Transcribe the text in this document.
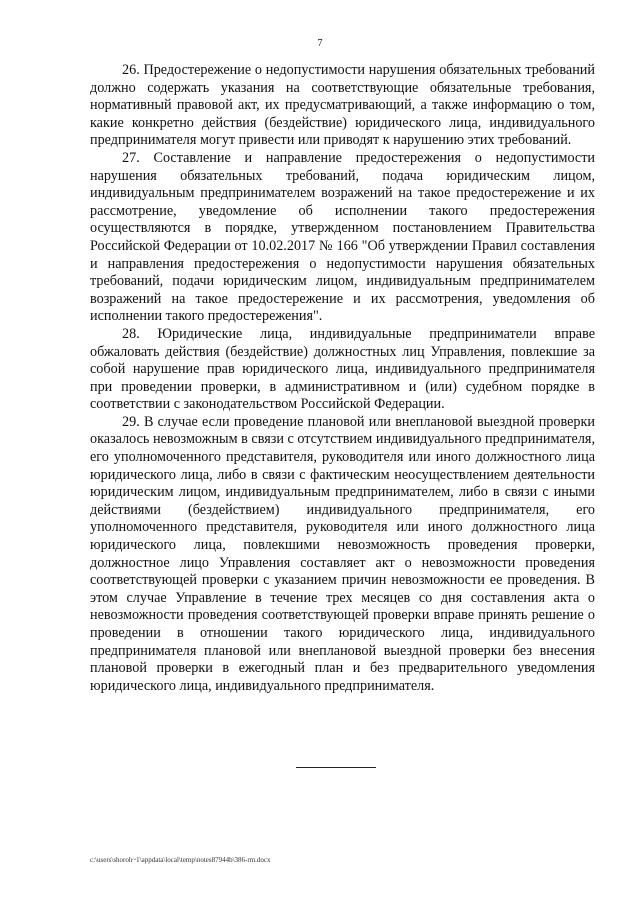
7

26. Предостережение о недопустимости нарушения обязательных требований должно содержать указания на соответствующие обязательные требования, нормативный правовой акт, их предусматривающий, а также информацию о том, какие конкретно действия (бездействие) юридического лица, индивидуального предпринимателя могут привести или приводят к нарушению этих требований.

27. Составление и направление предостережения о недопустимости нарушения обязательных требований, подача юридическим лицом, индивидуальным предпринимателем возражений на такое предостережение и их рассмотрение, уведомление об исполнении такого предостережения осуществляются в порядке, утвержденном постановлением Правительства Российской Федерации от 10.02.2017 № 166 "Об утверждении Правил составления и направления предостережения о недопустимости нарушения обязательных требований, подачи юридическим лицом, индивидуальным предпринимателем возражений на такое предостережение и их рассмотрения, уведомления об исполнении такого предостережения".

28. Юридические лица, индивидуальные предприниматели вправе обжаловать действия (бездействие) должностных лиц Управления, повлекшие за собой нарушение прав юридического лица, индивидуального предпринимателя при проведении проверки, в административном и (или) судебном порядке в соответствии с законодательством Российской Федерации.

29. В случае если проведение плановой или внеплановой выездной проверки оказалось невозможным в связи с отсутствием индивидуального предпринимателя, его уполномоченного представителя, руководителя или иного должностного лица юридического лица, либо в связи с фактическим неосуществлением деятельности юридическим лицом, индивидуальным предпринимателем, либо в связи с иными действиями (бездействием) индивидуального предпринимателя, его уполномоченного представителя, руководителя или иного должностного лица юридического лица, повлекшими невозможность проведения проверки, должностное лицо Управления составляет акт о невозможности проведения соответствующей проверки с указанием причин невозможности ее проведения. В этом случае Управление в течение трех месяцев со дня составления акта о невозможности проведения соответствующей проверки вправе принять решение о проведении в отношении такого юридического лица, индивидуального предпринимателя плановой или внеплановой выездной проверки без внесения плановой проверки в ежегодный план и без предварительного уведомления юридического лица, индивидуального предпринимателя.

c:\users\shoroh~1\appdata\local\temp\notes87944b\386-rm.docx
